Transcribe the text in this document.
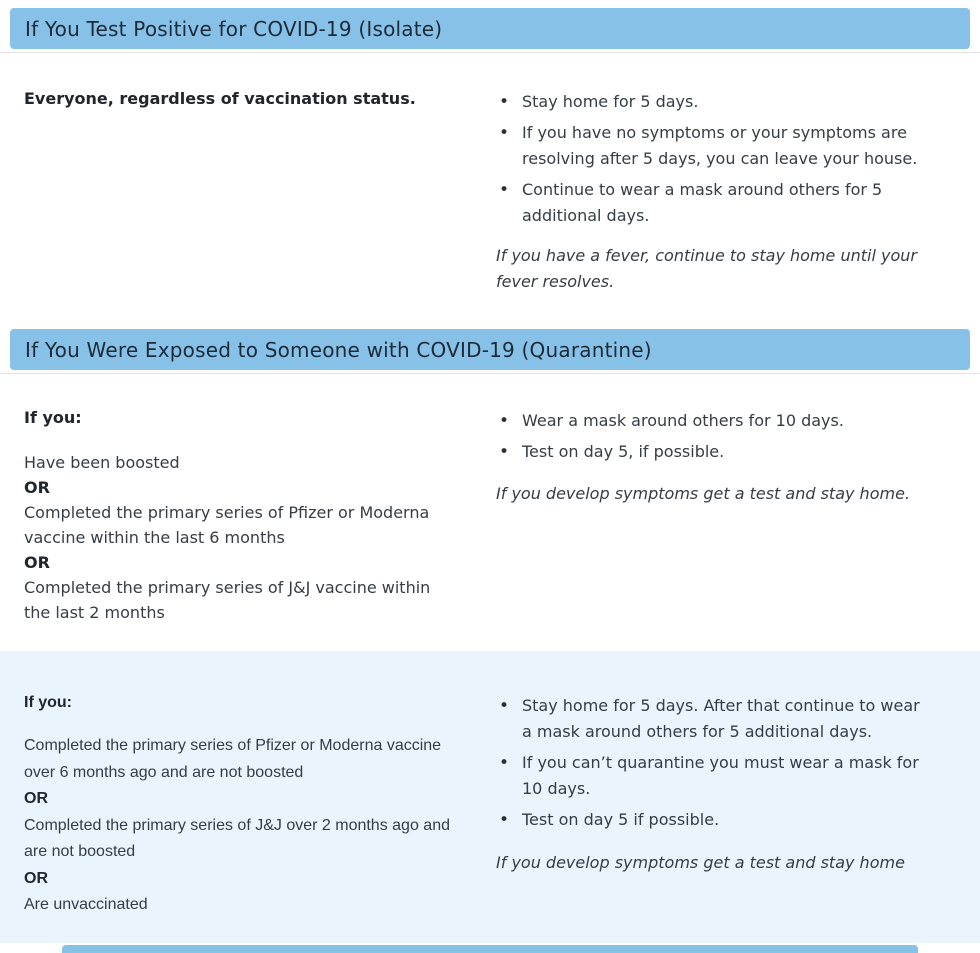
If You Test Positive for COVID-19 (Isolate)

Everyone, regardless of vaccination status.	• Stay home for 5 days.
• If you have no symptoms or your symptoms are resolving after 5 days, you can leave your house.
• Continue to wear a mask around others for 5 additional days.

If you have a fever, continue to stay home until your fever resolves.

If You Were Exposed to Someone with COVID-19 (Quarantine)

If you:

Have been boosted
OR
Completed the primary series of Pfizer or Moderna vaccine within the last 6 months
OR
Completed the primary series of J&J vaccine within the last 2 months
• Wear a mask around others for 10 days.
• Test on day 5, if possible.

If you develop symptoms get a test and stay home.

If you:

Completed the primary series of Pfizer or Moderna vaccine over 6 months ago and are not boosted
OR
Completed the primary series of J&J over 2 months ago and are not boosted
OR
Are unvaccinated
• Stay home for 5 days. After that continue to wear a mask around others for 5 additional days.
• If you can’t quarantine you must wear a mask for 10 days.
• Test on day 5 if possible.

If you develop symptoms get a test and stay home
